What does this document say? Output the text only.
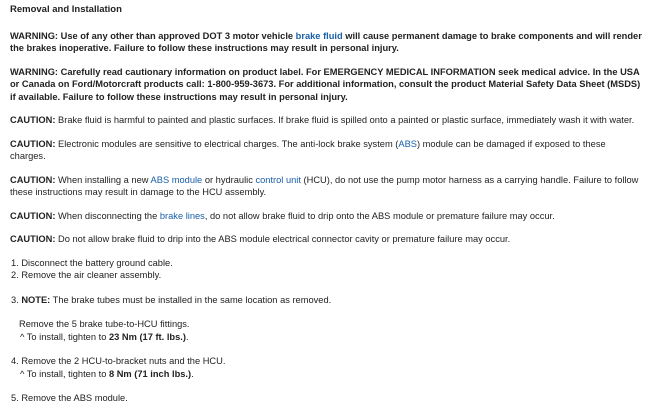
Removal and Installation
WARNING: Use of any other than approved DOT 3 motor vehicle brake fluid will cause permanent damage to brake components and will render the brakes inoperative. Failure to follow these instructions may result in personal injury.
WARNING: Carefully read cautionary information on product label. For EMERGENCY MEDICAL INFORMATION seek medical advice. In the USA or Canada on Ford/Motorcraft products call: 1-800-959-3673. For additional information, consult the product Material Safety Data Sheet (MSDS) if available. Failure to follow these instructions may result in personal injury.
CAUTION: Brake fluid is harmful to painted and plastic surfaces. If brake fluid is spilled onto a painted or plastic surface, immediately wash it with water.
CAUTION: Electronic modules are sensitive to electrical charges. The anti-lock brake system (ABS) module can be damaged if exposed to these charges.
CAUTION: When installing a new ABS module or hydraulic control unit (HCU), do not use the pump motor harness as a carrying handle. Failure to follow these instructions may result in damage to the HCU assembly.
CAUTION: When disconnecting the brake lines, do not allow brake fluid to drip onto the ABS module or premature failure may occur.
CAUTION: Do not allow brake fluid to drip into the ABS module electrical connector cavity or premature failure may occur.
1. Disconnect the battery ground cable.
2. Remove the air cleaner assembly.
3. NOTE: The brake tubes must be installed in the same location as removed.
Remove the 5 brake tube-to-HCU fittings.
^ To install, tighten to 23 Nm (17 ft. lbs.).
4. Remove the 2 HCU-to-bracket nuts and the HCU.
^ To install, tighten to 8 Nm (71 inch lbs.).
5. Remove the ABS module.
